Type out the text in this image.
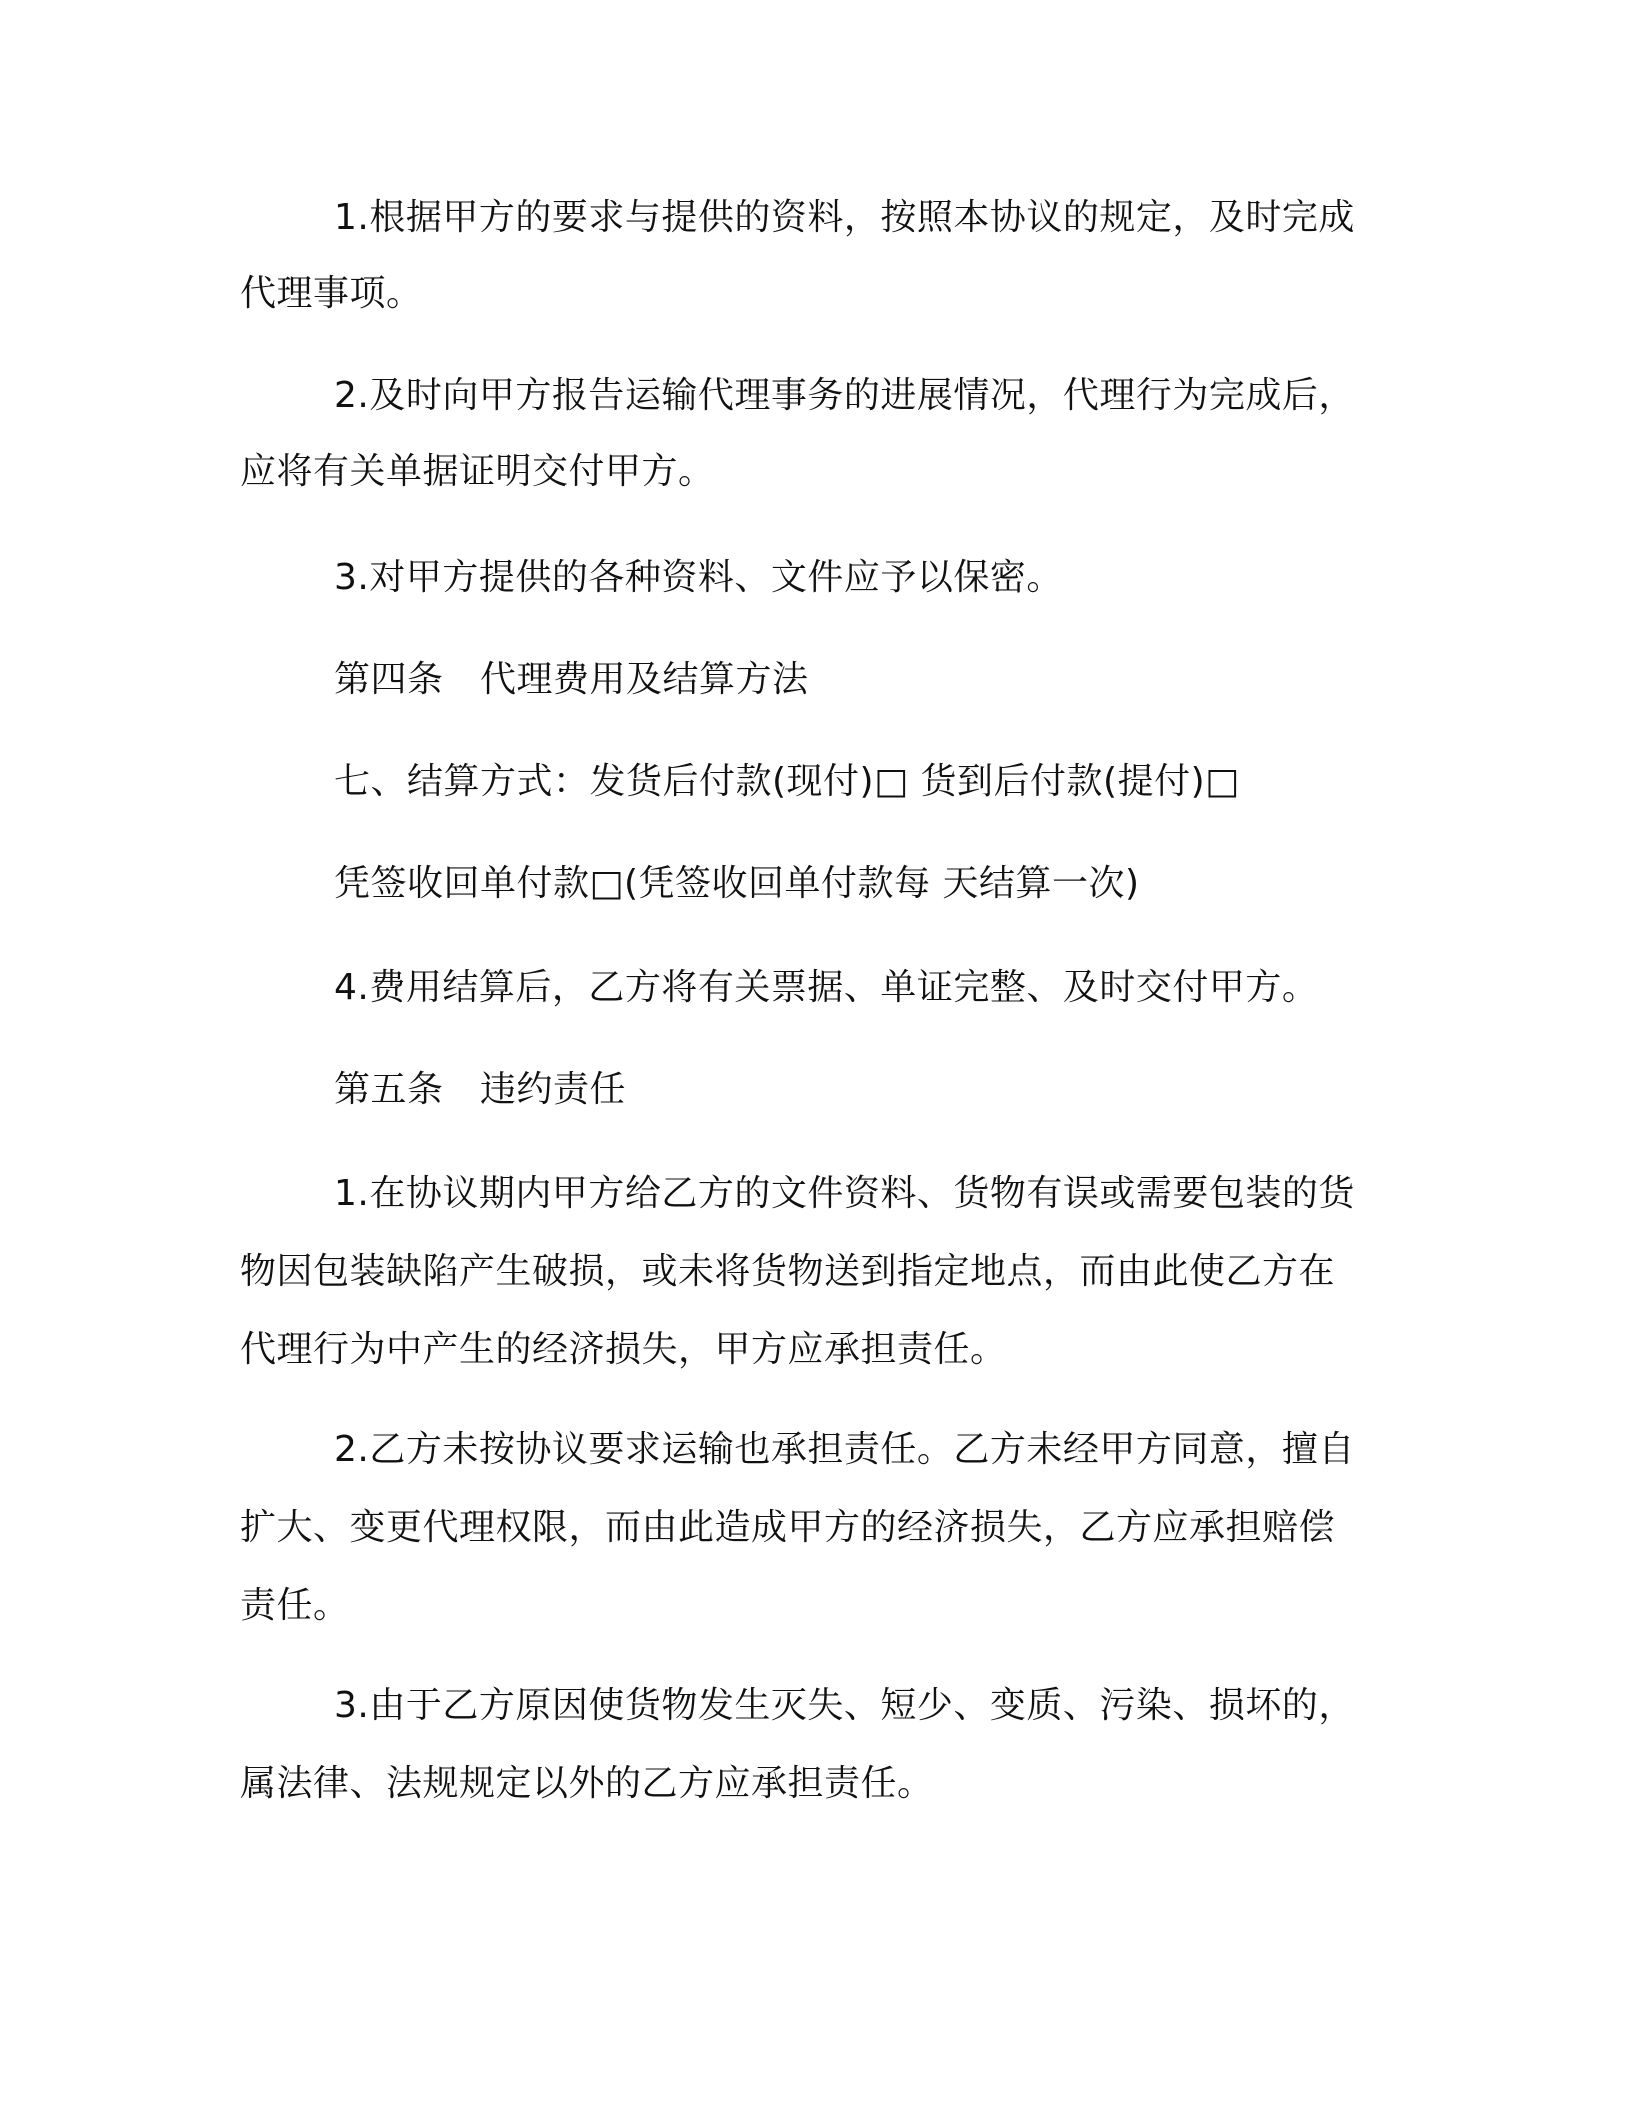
1.根据甲方的要求与提供的资料，按照本协议的规定，及时完成
代理事项。
2.及时向甲方报告运输代理事务的进展情况，代理行为完成后，
应将有关单据证明交付甲方。
3.对甲方提供的各种资料、文件应予以保密。
第四条　代理费用及结算方法
七、结算方式：发货后付款(现付)□ 货到后付款(提付)□
凭签收回单付款□(凭签收回单付款每 天结算一次)
4.费用结算后，乙方将有关票据、单证完整、及时交付甲方。
第五条　违约责任
1.在协议期内甲方给乙方的文件资料、货物有误或需要包装的货
物因包装缺陷产生破损，或未将货物送到指定地点，而由此使乙方在
代理行为中产生的经济损失，甲方应承担责任。
2.乙方未按协议要求运输也承担责任。乙方未经甲方同意，擅自
扩大、变更代理权限，而由此造成甲方的经济损失，乙方应承担赔偿
责任。
3.由于乙方原因使货物发生灭失、短少、变质、污染、损坏的，
属法律、法规规定以外的乙方应承担责任。
